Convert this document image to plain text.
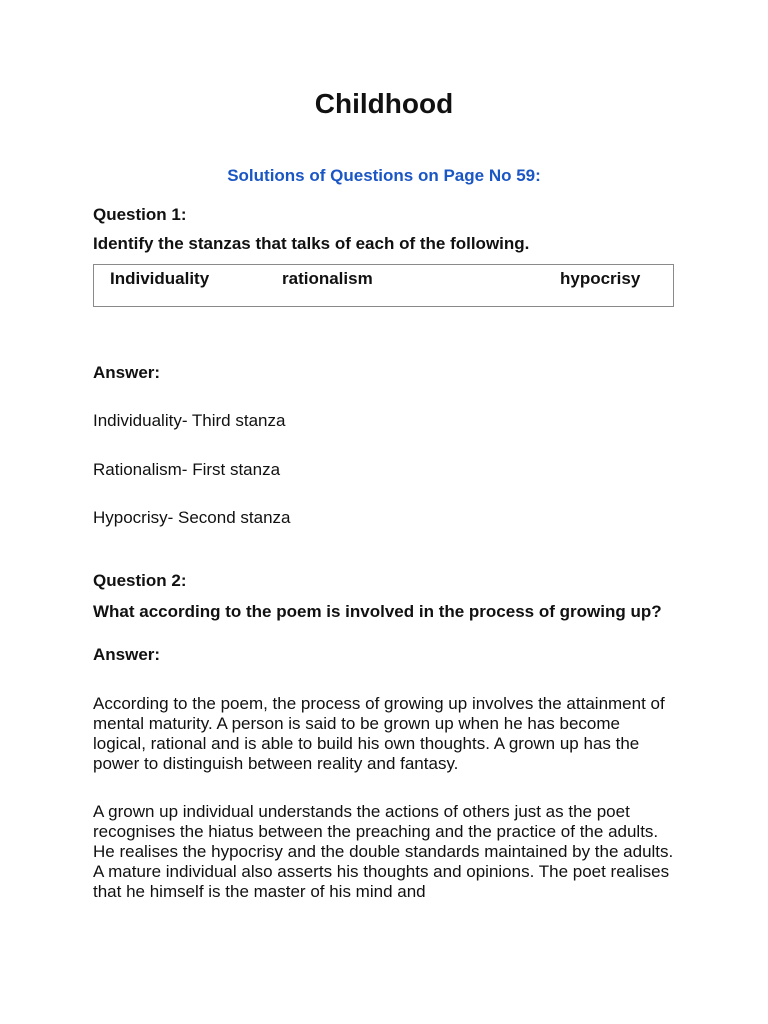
Childhood
Solutions of Questions on Page No 59:

Question 1:

Identify the stanzas that talks of each of the following.

Individuality	rationalism	hypocrisy

Answer:

Individuality- Third stanza

Rationalism- First stanza

Hypocrisy- Second stanza

Question 2:

What according to the poem is involved in the process of growing up?

Answer:

According to the poem, the process of growing up involves the attainment of mental maturity. A person is said to be grown up when he has become logical, rational and is able to build his own thoughts. A grown up has the power to distinguish between reality and fantasy.

A grown up individual understands the actions of others just as the poet recognises the hiatus between the preaching and the practice of the adults. He realises the hypocrisy and the double standards maintained by the adults. A mature individual also asserts his thoughts and opinions. The poet realises that he himself is the master of his mind and
